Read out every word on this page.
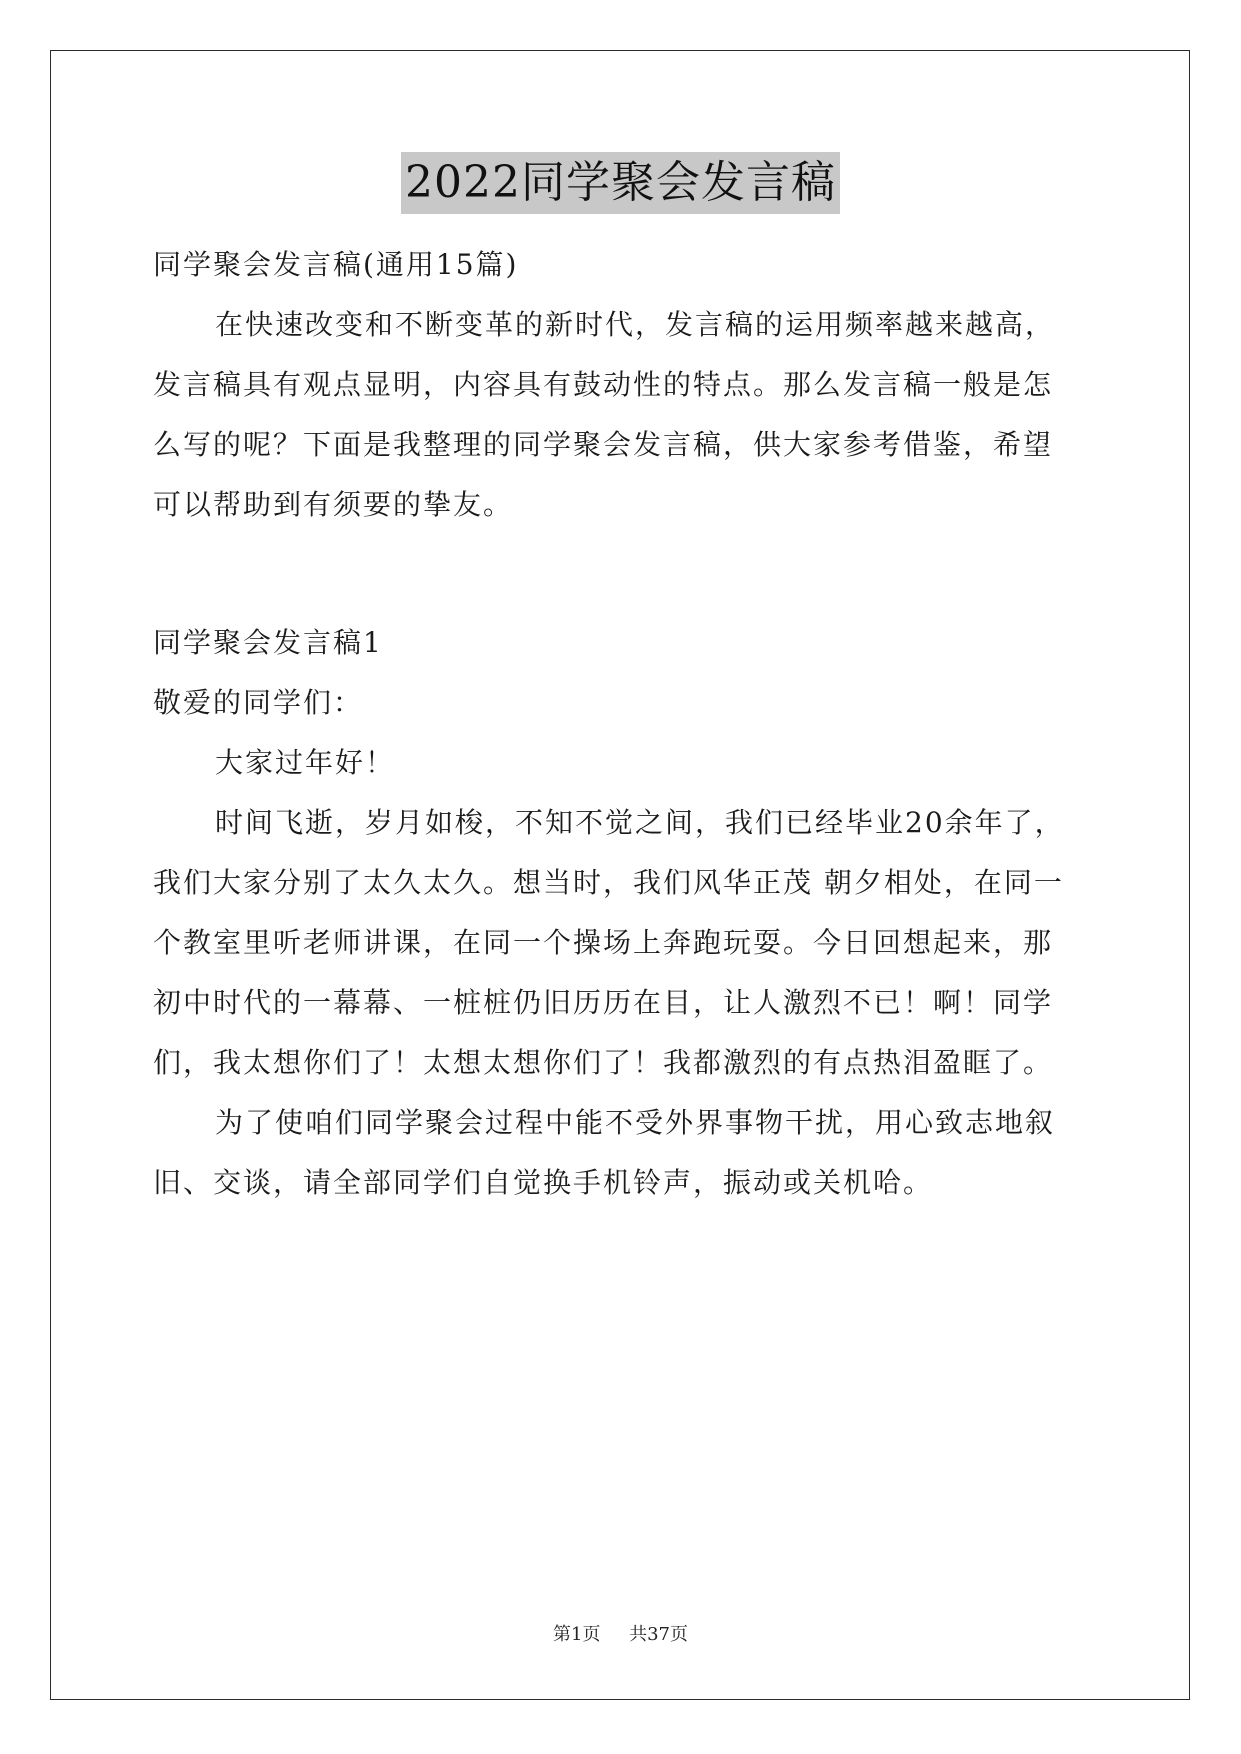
2022同学聚会发言稿
同学聚会发言稿(通用15篇)
在快速改变和不断变革的新时代，发言稿的运用频率越来越高，
发言稿具有观点显明，内容具有鼓动性的特点。那么发言稿一般是怎
么写的呢？下面是我整理的同学聚会发言稿，供大家参考借鉴，希望
可以帮助到有须要的挚友。
同学聚会发言稿1
敬爱的同学们：
大家过年好！
时间飞逝，岁月如梭，不知不觉之间，我们已经毕业20余年了，
我们大家分别了太久太久。想当时，我们风华正茂 朝夕相处，在同一
个教室里听老师讲课，在同一个操场上奔跑玩耍。今日回想起来，那
初中时代的一幕幕、一桩桩仍旧历历在目，让人激烈不已！啊！同学
们，我太想你们了！太想太想你们了！我都激烈的有点热泪盈眶了。
为了使咱们同学聚会过程中能不受外界事物干扰，用心致志地叙
旧、交谈，请全部同学们自觉换手机铃声，振动或关机哈。
第1页 共37页
